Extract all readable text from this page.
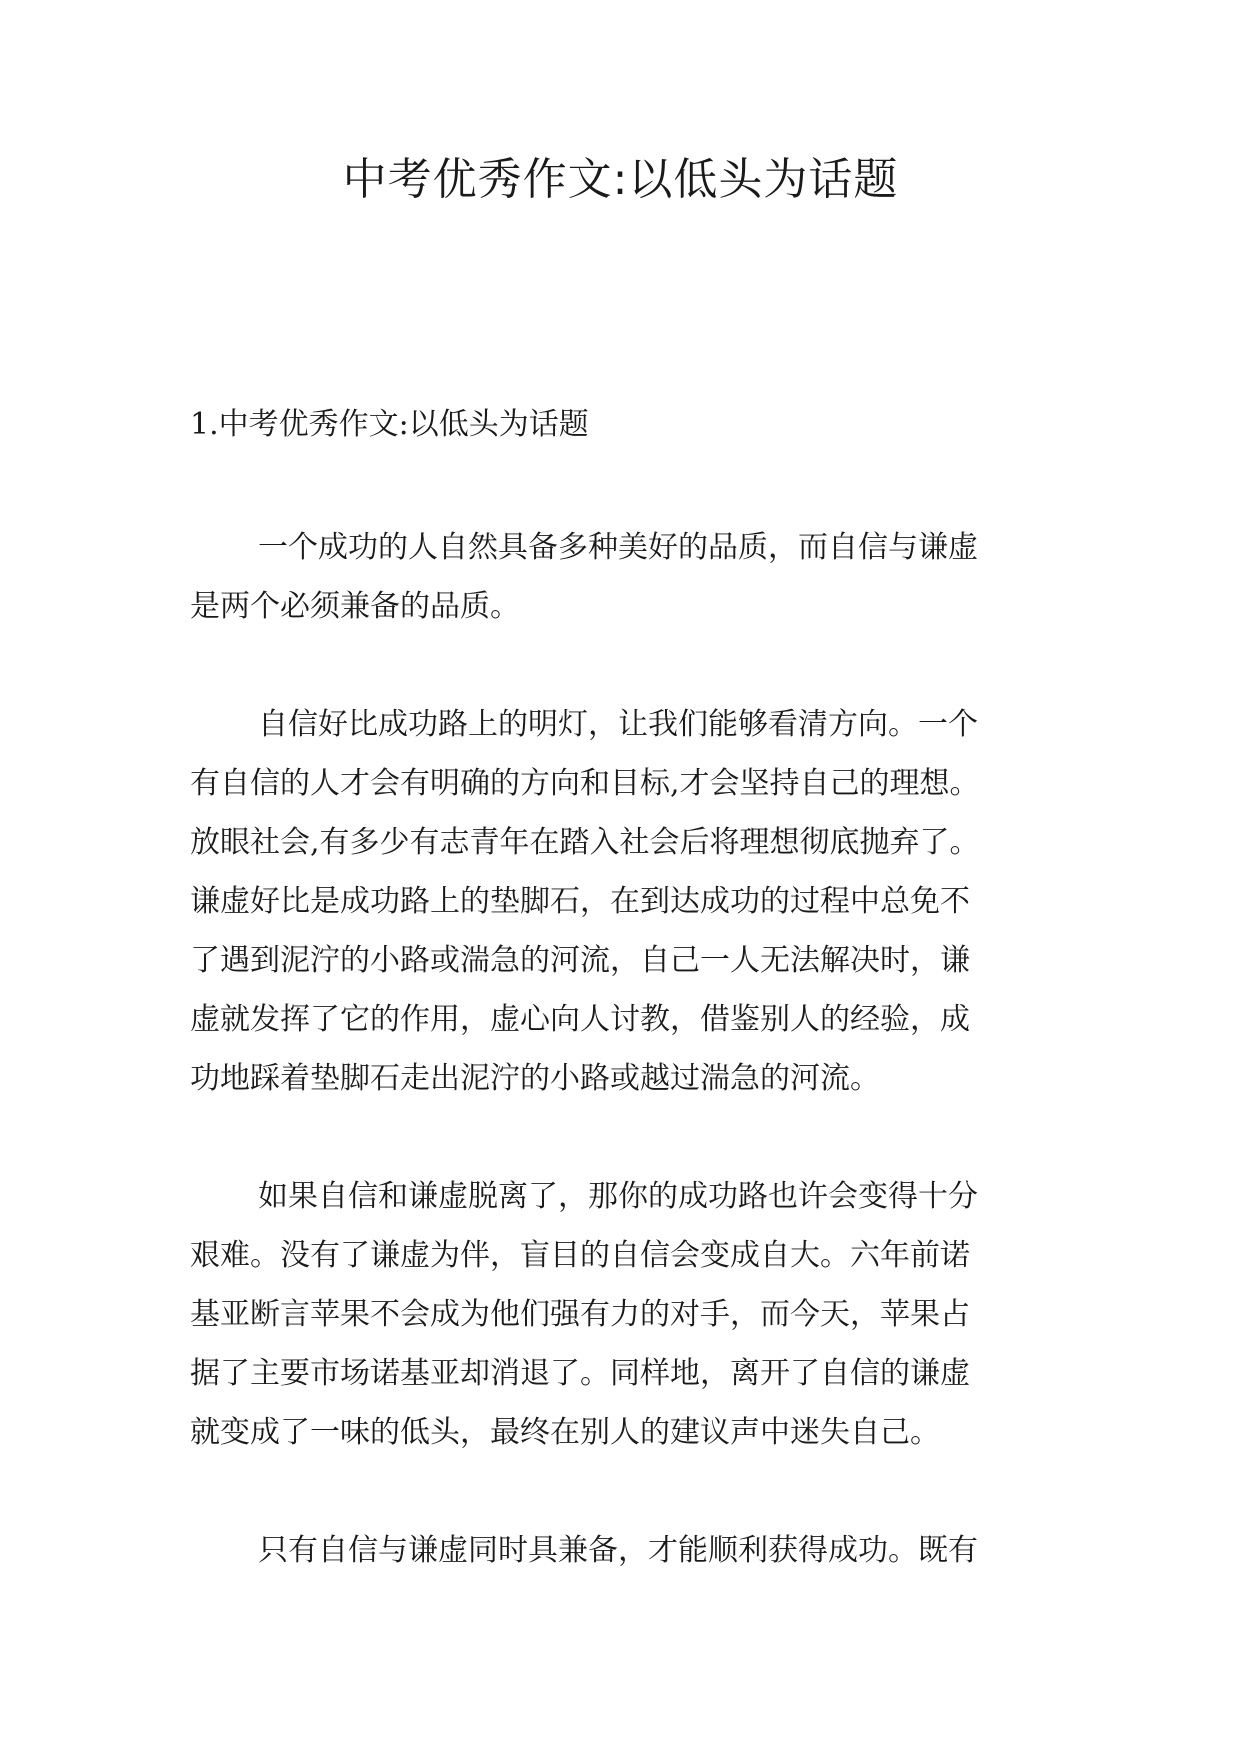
中考优秀作文:以低头为话题

1.中考优秀作文:以低头为话题

一个成功的人自然具备多种美好的品质，而自信与谦虚
是两个必须兼备的品质。

自信好比成功路上的明灯，让我们能够看清方向。一个
有自信的人才会有明确的方向和目标,才会坚持自己的理想。
放眼社会,有多少有志青年在踏入社会后将理想彻底抛弃了。
谦虚好比是成功路上的垫脚石，在到达成功的过程中总免不
了遇到泥泞的小路或湍急的河流，自己一人无法解决时，谦
虚就发挥了它的作用，虚心向人讨教，借鉴别人的经验，成
功地踩着垫脚石走出泥泞的小路或越过湍急的河流。

如果自信和谦虚脱离了，那你的成功路也许会变得十分
艰难。没有了谦虚为伴，盲目的自信会变成自大。六年前诺
基亚断言苹果不会成为他们强有力的对手，而今天，苹果占
据了主要市场诺基亚却消退了。同样地，离开了自信的谦虚
就变成了一味的低头，最终在别人的建议声中迷失自己。

只有自信与谦虚同时具兼备，才能顺利获得成功。既有
